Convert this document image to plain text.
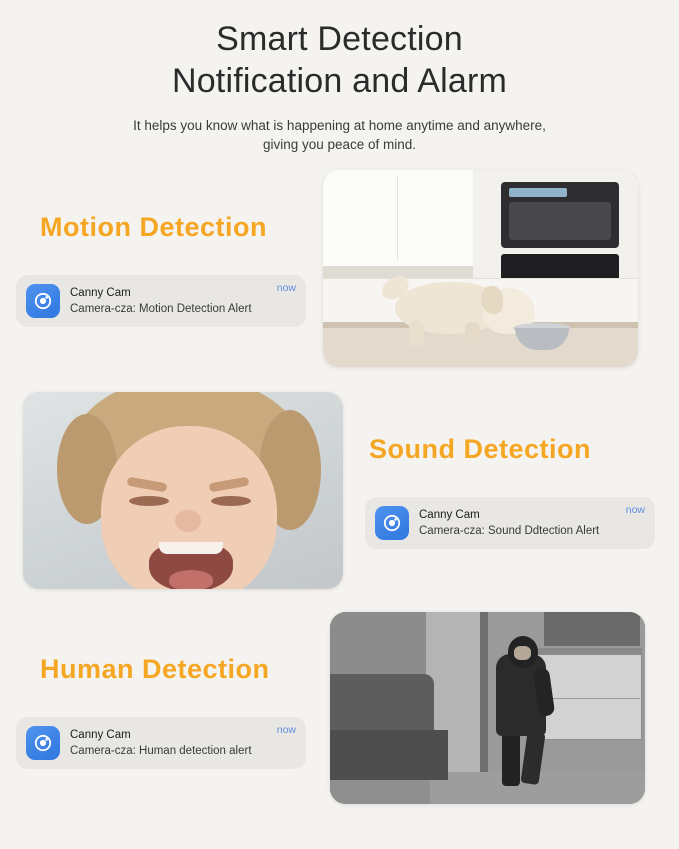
Smart Detection
Notification and Alarm
It helps you know what is happening at home anytime and anywhere,
giving you peace of mind.
Motion Detection
Canny Cam
Camera-cza: Motion Detection Alert
now
Sound Detection
Canny Cam
Camera-cza: Sound Ddtection Alert
now
Human Detection
Canny Cam
Camera-cza: Human detection alert
now
